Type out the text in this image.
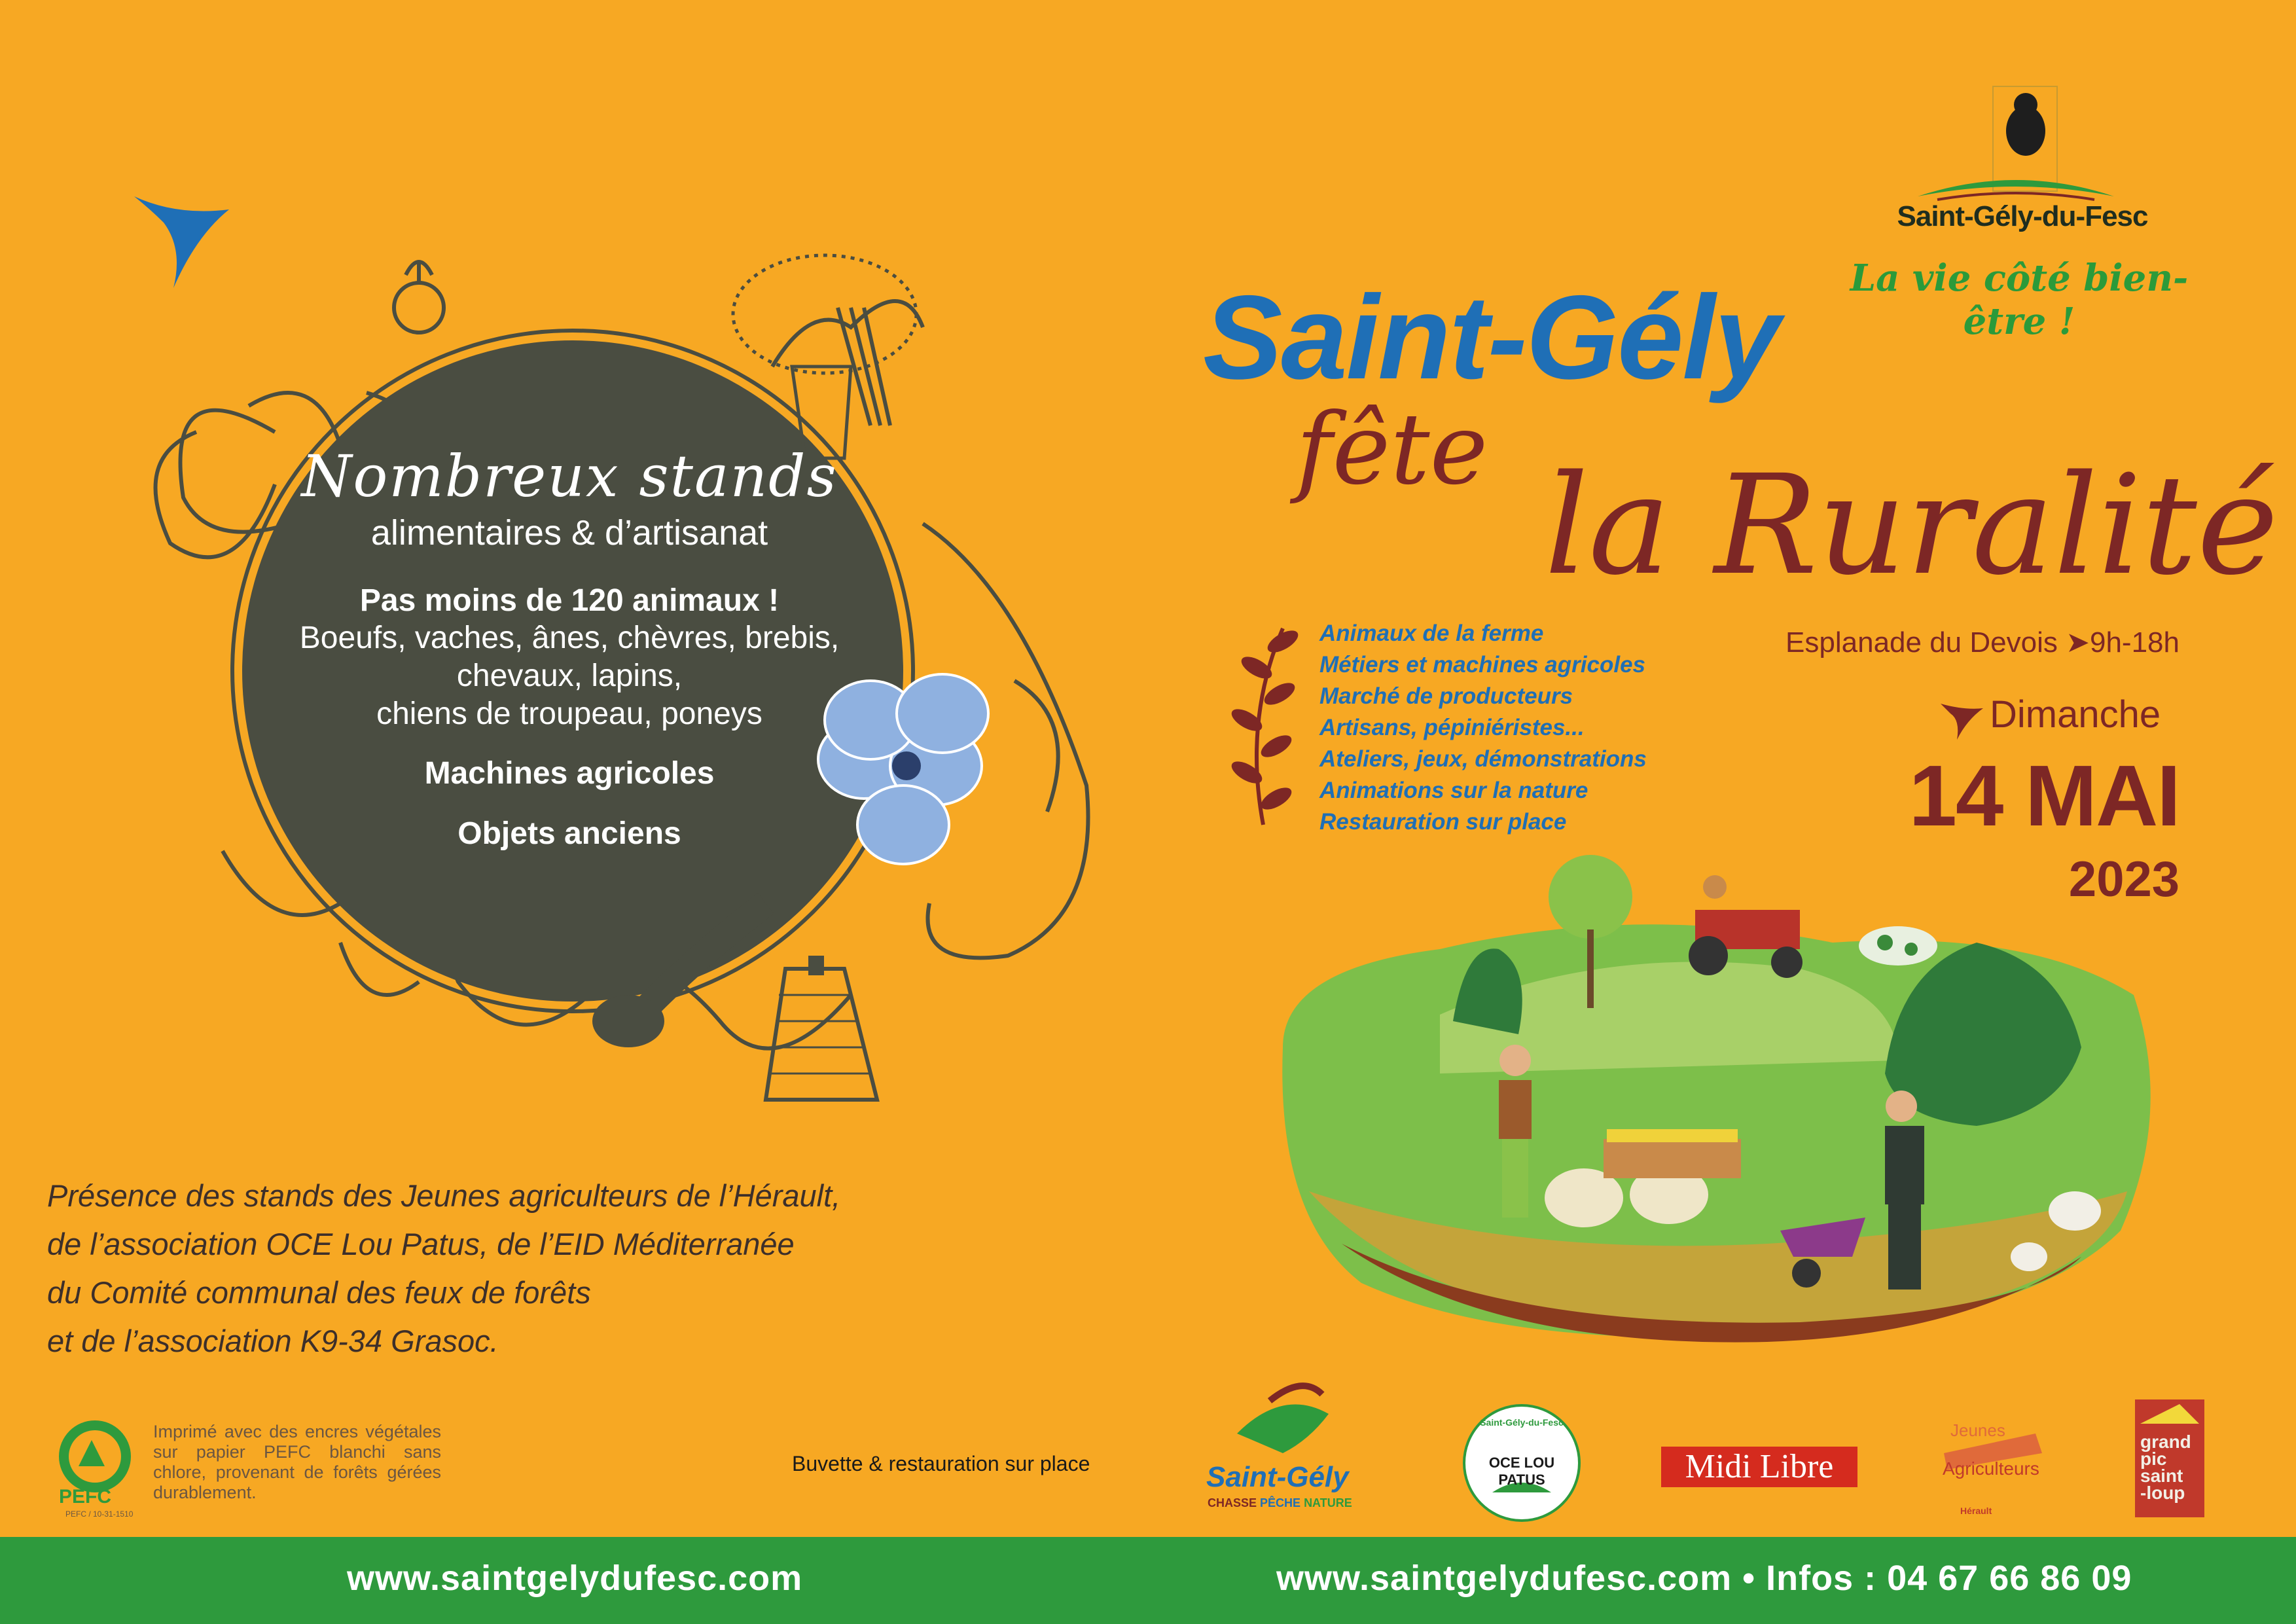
Nombreux stands
alimentaires & d’artisanat
Pas moins de 120 animaux !
Boeufs, vaches, ânes, chèvres, brebis,
chevaux, lapins,
chiens de troupeau, poneys
Machines agricoles
Objets anciens
Présence des stands des Jeunes agriculteurs de l’Hérault,
de l’association OCE Lou Patus, de l’EID Méditerranée
du Comité communal des feux de forêts
et de l’association K9-34 Grasoc.
PEFC
PEFC / 10-31-1510
Imprimé avec des encres végétales sur papier PEFC blanchi sans chlore, provenant de forêts gérées durablement.
Buvette & restauration sur place
Saint-Gély-du-Fesc
La vie côté bien-être !
Saint-Gély
fête la Ruralité
Animaux de la ferme
Métiers et machines agricoles
Marché de producteurs
Artisans, pépiniéristes...
Ateliers, jeux, démonstrations
Animations sur la nature
Restauration sur place
Esplanade du Devois ➤9h-18h
Dimanche
14 MAI
2023
Saint-Gély
CHASSE PÊCHE NATURE
Saint-Gély-du-Fesc
OCE LOU PATUS	Midi Libre
Jeunes
Agriculteurs
Hérault
grand
pic
saint
-loup
www.saintgelydufesc.com	www.saintgelydufesc.com • Infos : 04 67 66 86 09
